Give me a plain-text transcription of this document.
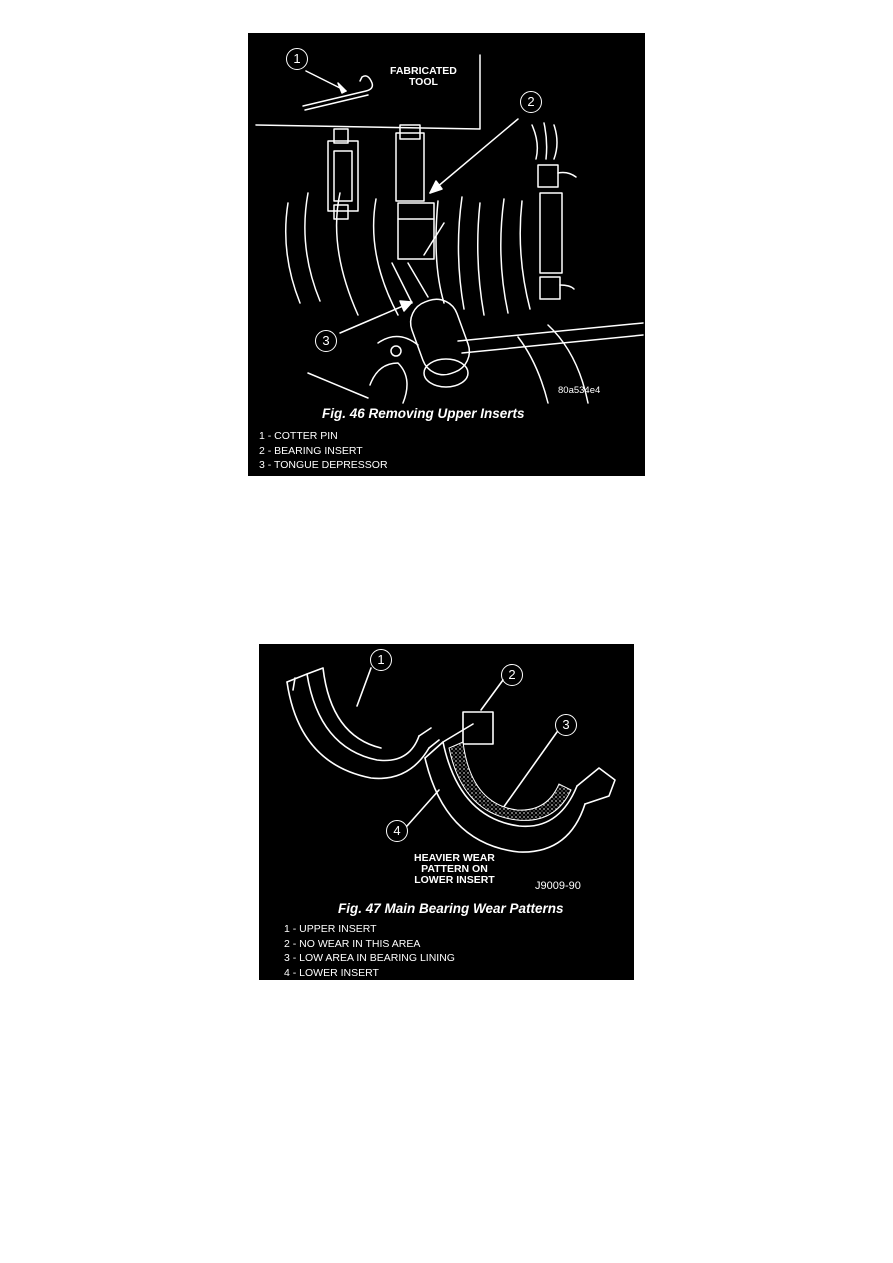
FABRICATED
TOOL
1
2
3
80a534e4
Fig. 46 Removing Upper Inserts
1 - COTTER PIN
2 - BEARING INSERT
3 - TONGUE DEPRESSOR
1
2
3
4
HEAVIER WEAR
PATTERN ON
LOWER INSERT	J9009-90
Fig. 47 Main Bearing Wear Patterns
1 - UPPER INSERT
2 - NO WEAR IN THIS AREA
3 - LOW AREA IN BEARING LINING
4 - LOWER INSERT
